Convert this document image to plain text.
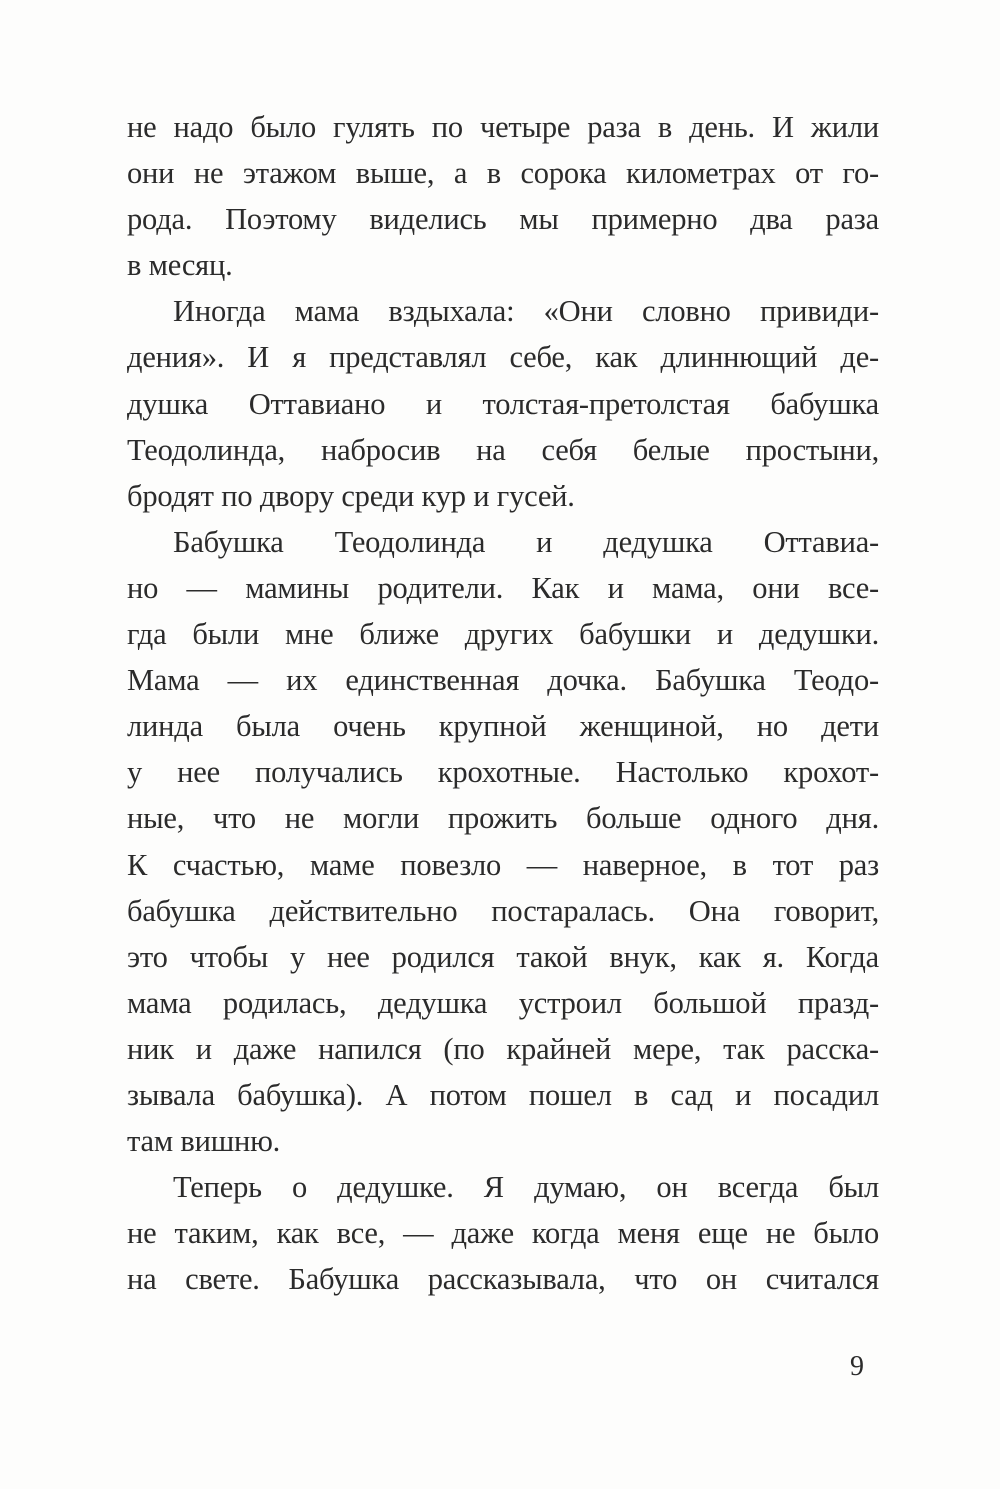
не надо было гулять по четыре раза в день. И жили
они не этажом выше, а в сорока километрах от го-
рода. Поэтому виделись мы примерно два раза
в месяц.
Иногда мама вздыхала: «Они словно привиди-
дения». И я представлял себе, как длиннющий де-
душка Оттавиано и толстая-претолстая бабушка
Теодолинда, набросив на себя белые простыни,
бродят по двору среди кур и гусей.
Бабушка Теодолинда и дедушка Оттавиа-
но — мамины родители. Как и мама, они все-
гда были мне ближе других бабушки и дедушки.
Мама — их единственная дочка. Бабушка Теодо-
линда была очень крупной женщиной, но дети
у нее получались крохотные. Настолько крохот-
ные, что не могли прожить больше одного дня.
К счастью, маме повезло — наверное, в тот раз
бабушка действительно постаралась. Она говорит,
это чтобы у нее родился такой внук, как я. Когда
мама родилась, дедушка устроил большой празд-
ник и даже напился (по крайней мере, так расска-
зывала бабушка). А потом пошел в сад и посадил
там вишню.
Теперь о дедушке. Я думаю, он всегда был
не таким, как все, — даже когда меня еще не было
на свете. Бабушка рассказывала, что он считался
9
